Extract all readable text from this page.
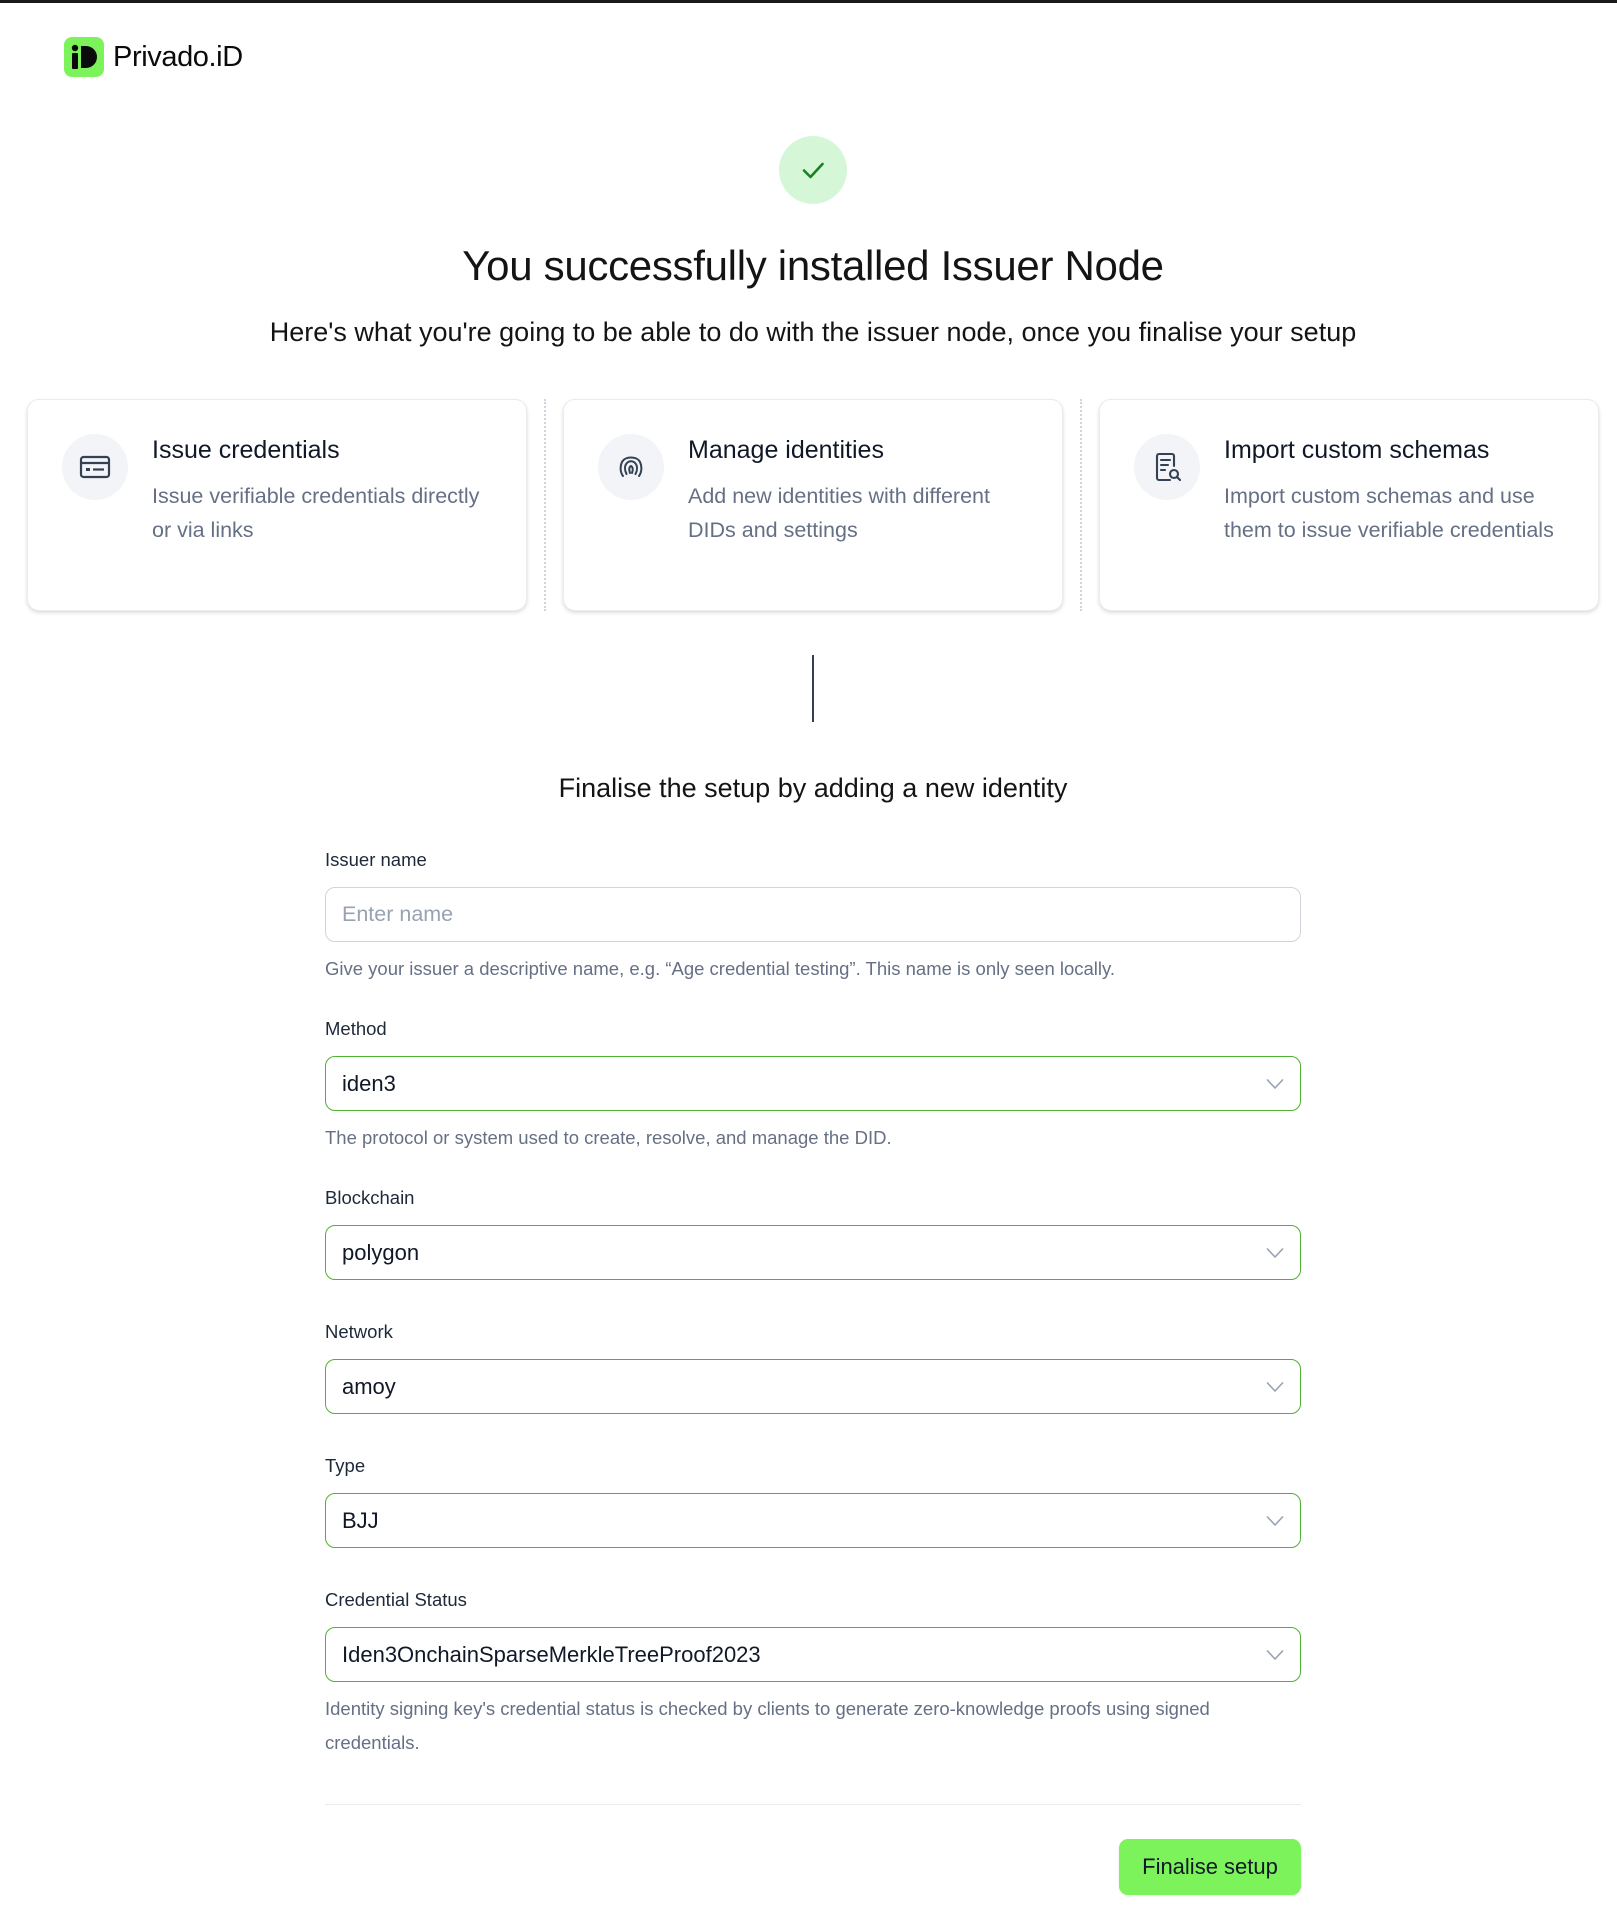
Privado.iD
You successfully installed Issuer Node

Here's what you're going to be able to do with the issuer node, once you finalise your setup

Issue credentials
Issue verifiable credentials directly or via links
Manage identities
Add new identities with different DIDs and settings
Import custom schemas
Import custom schemas and use them to issue verifiable credentials
Finalise the setup by adding a new identity
Issuer name
Enter name
Give your issuer a descriptive name, e.g. “Age credential testing”. This name is only seen locally.
Method
iden3
The protocol or system used to create, resolve, and manage the DID.
Blockchain
polygon
Network
amoy
Type
BJJ
Credential Status
Iden3OnchainSparseMerkleTreeProof2023
Identity signing key's credential status is checked by clients to generate zero-knowledge proofs using signed credentials.
Finalise setup
